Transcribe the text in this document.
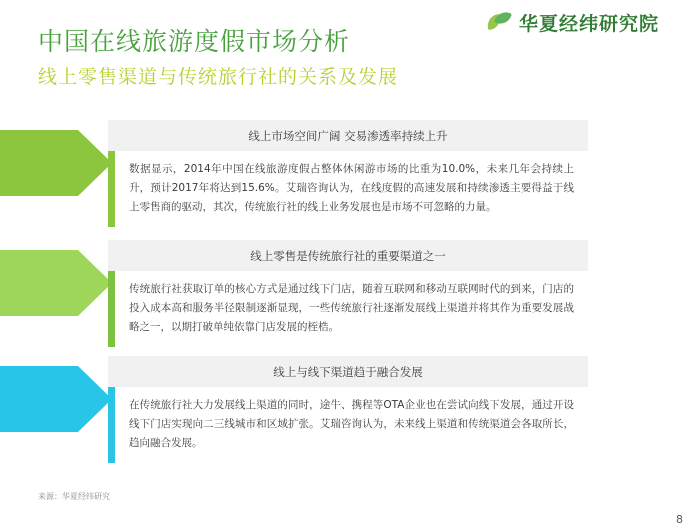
华夏经纬研究院
中国在线旅游度假市场分析
线上零售渠道与传统旅行社的关系及发展
线上市场空间广阔 交易渗透率持续上升
数据显示，2014年中国在线旅游度假占整体休闲游市场的比重为10.0%，未来几年会持续上升，预计2017年将达到15.6%。艾瑞咨询认为，在线度假的高速发展和持续渗透主要得益于线上零售商的驱动，其次，传统旅行社的线上业务发展也是市场不可忽略的力量。
线上零售是传统旅行社的重要渠道之一
传统旅行社获取订单的核心方式是通过线下门店，随着互联网和移动互联网时代的到来，门店的投入成本高和服务半径限制逐渐显现，一些传统旅行社逐渐发展线上渠道并将其作为重要发展战略之一，以期打破单纯依靠门店发展的桎梏。
线上与线下渠道趋于融合发展
在传统旅行社大力发展线上渠道的同时，途牛、携程等OTA企业也在尝试向线下发展，通过开设线下门店实现向二三线城市和区域扩张。艾瑞咨询认为，未来线上渠道和传统渠道会各取所长，趋向融合发展。
来源：华夏经纬研究
8
